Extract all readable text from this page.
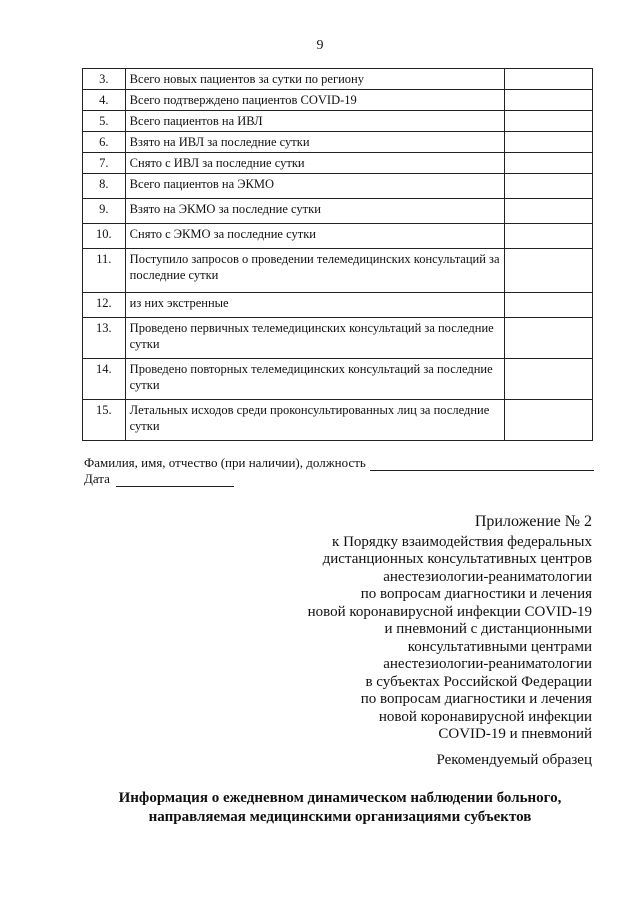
9
3.	Всего новых пациентов за сутки по региону	
4.	Всего подтверждено пациентов COVID-19	
5.	Всего пациентов на ИВЛ	
6.	Взято на ИВЛ за последние сутки	
7.	Снято с ИВЛ за последние сутки	
8.	Всего пациентов на ЭКМО	
9.	Взято на ЭКМО за последние сутки	
10.	Снято с ЭКМО за последние сутки	
11.	Поступило запросов о проведении телемедицинских консультаций за последние сутки	
12.	из них экстренные	
13.	Проведено первичных телемедицинских консультаций за последние сутки	
14.	Проведено повторных телемедицинских консультаций за последние сутки	
15.	Летальных исходов среди проконсультированных лиц за последние сутки	
Фамилия, имя, отчество (при наличии), должность
Дата
Приложение № 2
к Порядку взаимодействия федеральных
дистанционных консультативных центров
анестезиологии-реаниматологии
по вопросам диагностики и лечения
новой коронавирусной инфекции COVID-19
и пневмоний с дистанционными
консультативными центрами
анестезиологии-реаниматологии
в субъектах Российской Федерации
по вопросам диагностики и лечения
новой коронавирусной инфекции
COVID-19 и пневмоний
Рекомендуемый образец
Информация о ежедневном динамическом наблюдении больного,
направляемая медицинскими организациями субъектов
